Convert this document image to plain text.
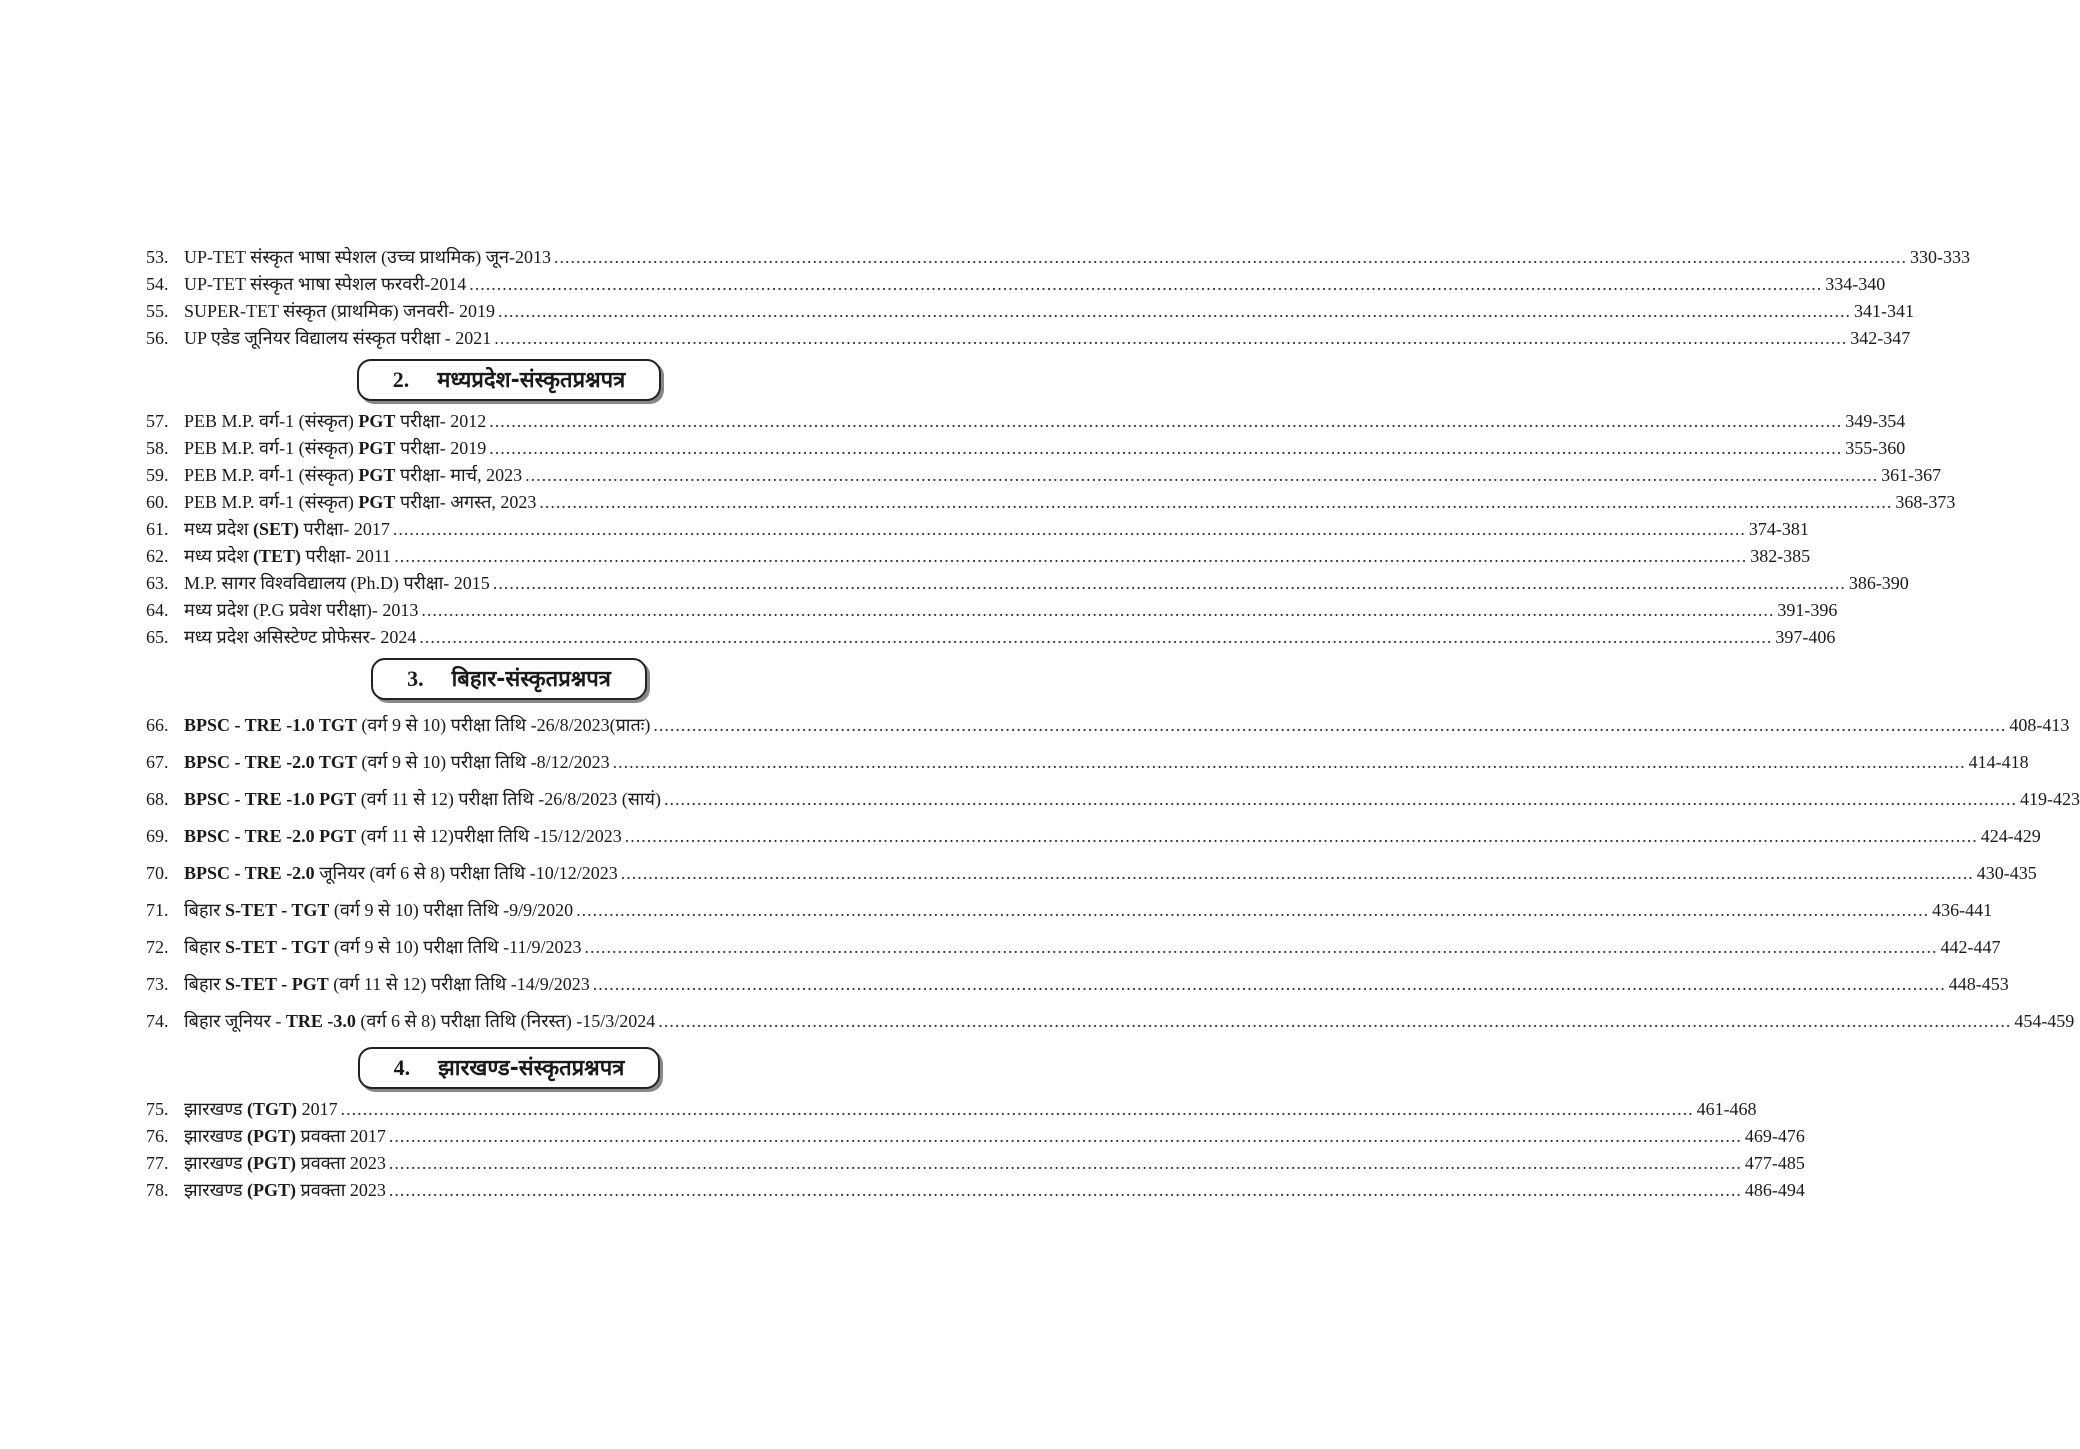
53. UP-TET संस्कृत भाषा स्पेशल (उच्च प्राथमिक) जून-2013 .....	330-333
54. UP-TET संस्कृत भाषा स्पेशल फरवरी-2014 .....	334-340
55. SUPER-TET संस्कृत (प्राथमिक) जनवरी- 2019 .....	341-341
56. UP एडेड जूनियर विद्यालय संस्कृत परीक्षा - 2021 .....	342-347
2. मध्यप्रदेश-संस्कृतप्रश्नपत्र
57. PEB M.P. वर्ग-1 (संस्कृत) PGT परीक्षा- 2012 .....	349-354
58. PEB M.P. वर्ग-1 (संस्कृत) PGT परीक्षा- 2019 .....	355-360
59. PEB M.P. वर्ग-1 (संस्कृत) PGT परीक्षा- मार्च, 2023 .....	361-367
60. PEB M.P. वर्ग-1 (संस्कृत) PGT परीक्षा- अगस्त, 2023 .....	368-373
61. मध्य प्रदेश (SET) परीक्षा- 2017 .....	374-381
62. मध्य प्रदेश (TET) परीक्षा- 2011 .....	382-385
63. M.P. सागर विश्वविद्यालय (Ph.D) परीक्षा- 2015 .....	386-390
64. मध्य प्रदेश (P.G प्रवेश परीक्षा)- 2013 .....	391-396
65. मध्य प्रदेश असिस्टेण्ट प्रोफेसर- 2024 .....	397-406
3. बिहार-संस्कृतप्रश्नपत्र
66. BPSC - TRE -1.0 TGT (वर्ग 9 से 10) परीक्षा तिथि -26/8/2023(प्रातः) .....	408-413
67. BPSC - TRE -2.0 TGT (वर्ग 9 से 10) परीक्षा तिथि -8/12/2023 .....	414-418
68. BPSC - TRE -1.0 PGT (वर्ग 11 से 12) परीक्षा तिथि -26/8/2023 (सायं) .....	419-423
69. BPSC - TRE -2.0 PGT (वर्ग 11 से 12)परीक्षा तिथि -15/12/2023 .....	424-429
70. BPSC - TRE -2.0 जूनियर (वर्ग 6 से 8) परीक्षा तिथि -10/12/2023 .....	430-435
71. बिहार S-TET - TGT (वर्ग 9 से 10) परीक्षा तिथि -9/9/2020 .....	436-441
72. बिहार S-TET - TGT (वर्ग 9 से 10) परीक्षा तिथि -11/9/2023 .....	442-447
73. बिहार S-TET - PGT (वर्ग 11 से 12) परीक्षा तिथि -14/9/2023 .....	448-453
74. बिहार जूनियर - TRE -3.0 (वर्ग 6 से 8) परीक्षा तिथि (निरस्त) -15/3/2024 .....	454-459
4. झारखण्ड-संस्कृतप्रश्नपत्र
75. झारखण्ड (TGT) 2017 .....	461-468
76. झारखण्ड (PGT) प्रवक्ता 2017 .....	469-476
77. झारखण्ड (PGT) प्रवक्ता 2023 .....	477-485
78. झारखण्ड (PGT) प्रवक्ता 2023 .....	486-494
